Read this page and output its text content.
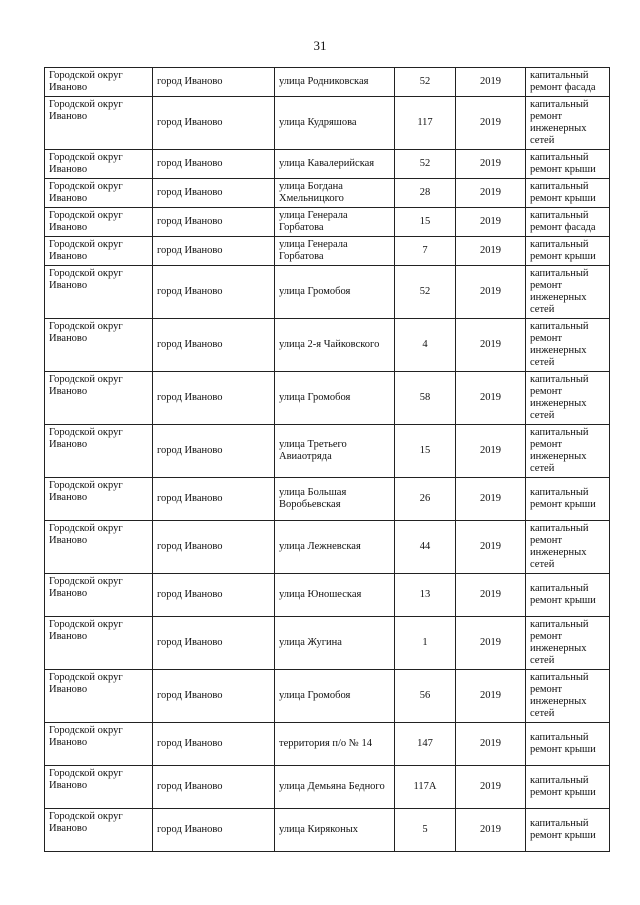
31
Городской округ Иваново	город Иваново	улица Родниковская	52	2019	капитальный ремонт фасада
Городской округ Иваново	город Иваново	улица Кудряшова	117	2019	капитальный ремонт инженерных сетей
Городской округ Иваново	город Иваново	улица Кавалерийская	52	2019	капитальный ремонт крыши
Городской округ Иваново	город Иваново	улица Богдана Хмельницкого	28	2019	капитальный ремонт крыши
Городской округ Иваново	город Иваново	улица Генерала Горбатова	15	2019	капитальный ремонт фасада
Городской округ Иваново	город Иваново	улица Генерала Горбатова	7	2019	капитальный ремонт крыши
Городской округ Иваново	город Иваново	улица Громобоя	52	2019	капитальный ремонт инженерных сетей
Городской округ Иваново	город Иваново	улица 2-я Чайковского	4	2019	капитальный ремонт инженерных сетей
Городской округ Иваново	город Иваново	улица Громобоя	58	2019	капитальный ремонт инженерных сетей
Городской округ Иваново	город Иваново	улица Третьего Авиаотряда	15	2019	капитальный ремонт инженерных сетей
Городской округ Иваново	город Иваново	улица Большая Воробьевская	26	2019	капитальный ремонт крыши
Городской округ Иваново	город Иваново	улица Лежневская	44	2019	капитальный ремонт инженерных сетей
Городской округ Иваново	город Иваново	улица Юношеская	13	2019	капитальный ремонт крыши
Городской округ Иваново	город Иваново	улица Жугина	1	2019	капитальный ремонт инженерных сетей
Городской округ Иваново	город Иваново	улица Громобоя	56	2019	капитальный ремонт инженерных сетей
Городской округ Иваново	город Иваново	территория п/о № 14	147	2019	капитальный ремонт крыши
Городской округ Иваново	город Иваново	улица Демьяна Бедного	117А	2019	капитальный ремонт крыши
Городской округ Иваново	город Иваново	улица Киряконых	5	2019	капитальный ремонт крыши
